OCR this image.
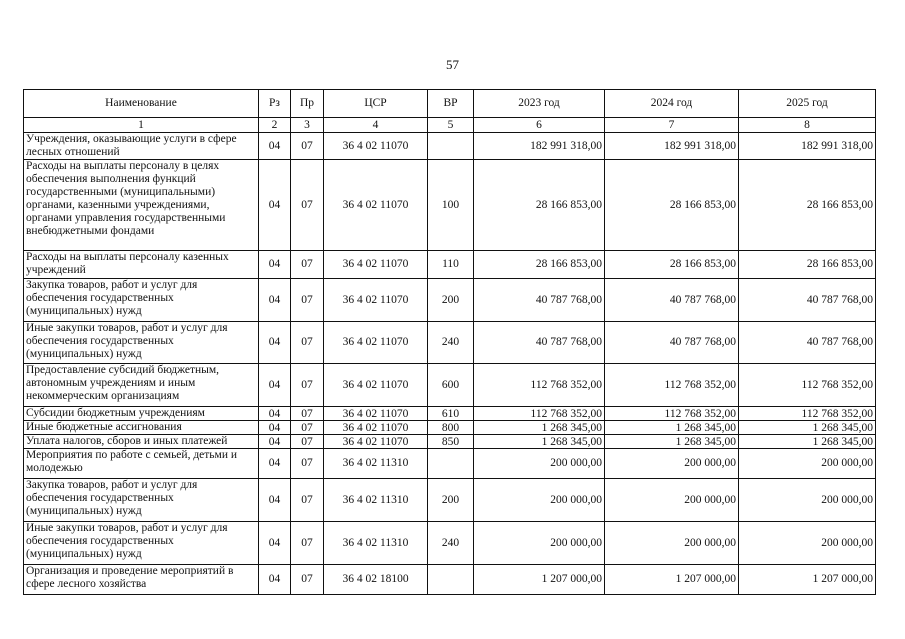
57
Наименование	Рз	Пр	ЦСР	ВР	2023 год	2024 год	2025 год
1	2	3	4	5	6	7	8
Учреждения, оказывающие услуги в сфере лесных отношений	04	07	36 4 02 11070		182 991 318,00	182 991 318,00	182 991 318,00
Расходы на выплаты персоналу в целях обеспечения выполнения функций государственными (муниципальными) органами, казенными учреждениями, органами управления государственными внебюджетными фондами	04	07	36 4 02 11070	100	28 166 853,00	28 166 853,00	28 166 853,00
Расходы на выплаты персоналу казенных учреждений	04	07	36 4 02 11070	110	28 166 853,00	28 166 853,00	28 166 853,00
Закупка товаров, работ и услуг для обеспечения государственных (муниципальных) нужд	04	07	36 4 02 11070	200	40 787 768,00	40 787 768,00	40 787 768,00
Иные закупки товаров, работ и услуг для обеспечения государственных (муниципальных) нужд	04	07	36 4 02 11070	240	40 787 768,00	40 787 768,00	40 787 768,00
Предоставление субсидий бюджетным, автономным учреждениям и иным некоммерческим организациям	04	07	36 4 02 11070	600	112 768 352,00	112 768 352,00	112 768 352,00
Субсидии бюджетным учреждениям	04	07	36 4 02 11070	610	112 768 352,00	112 768 352,00	112 768 352,00
Иные бюджетные ассигнования	04	07	36 4 02 11070	800	1 268 345,00	1 268 345,00	1 268 345,00
Уплата налогов, сборов и иных платежей	04	07	36 4 02 11070	850	1 268 345,00	1 268 345,00	1 268 345,00
Мероприятия по работе с семьей, детьми и молодежью	04	07	36 4 02 11310		200 000,00	200 000,00	200 000,00
Закупка товаров, работ и услуг для обеспечения государственных (муниципальных) нужд	04	07	36 4 02 11310	200	200 000,00	200 000,00	200 000,00
Иные закупки товаров, работ и услуг для обеспечения государственных (муниципальных) нужд	04	07	36 4 02 11310	240	200 000,00	200 000,00	200 000,00
Организация и проведение мероприятий в сфере лесного хозяйства	04	07	36 4 02 18100		1 207 000,00	1 207 000,00	1 207 000,00
